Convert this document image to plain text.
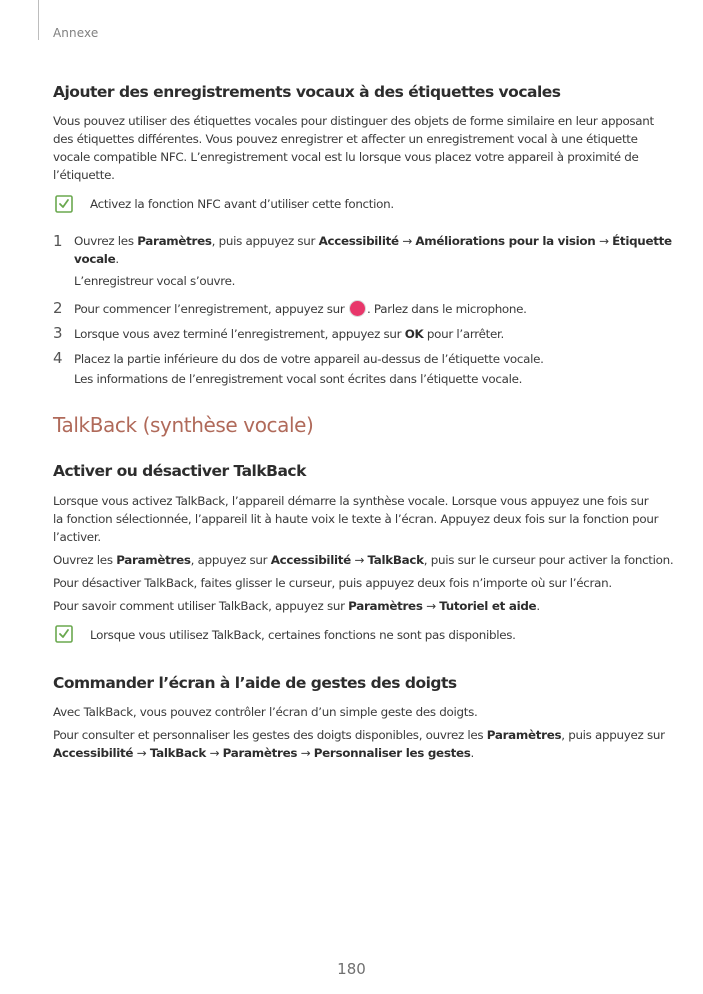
Annexe
Ajouter des enregistrements vocaux à des étiquettes vocales
Vous pouvez utiliser des étiquettes vocales pour distinguer des objets de forme similaire en leur apposant
des étiquettes différentes. Vous pouvez enregistrer et affecter un enregistrement vocal à une étiquette
vocale compatible NFC. L’enregistrement vocal est lu lorsque vous placez votre appareil à proximité de
l’étiquette.
Activez la fonction NFC avant d’utiliser cette fonction.
1 Ouvrez les Paramètres, puis appuyez sur Accessibilité → Améliorations pour la vision → Étiquette
vocale.
L’enregistreur vocal s’ouvre.
2 Pour commencer l’enregistrement, appuyez sur . Parlez dans le microphone.
3 Lorsque vous avez terminé l’enregistrement, appuyez sur OK pour l’arrêter.
4 Placez la partie inférieure du dos de votre appareil au-dessus de l’étiquette vocale.
Les informations de l’enregistrement vocal sont écrites dans l’étiquette vocale.
TalkBack (synthèse vocale)
Activer ou désactiver TalkBack
Lorsque vous activez TalkBack, l’appareil démarre la synthèse vocale. Lorsque vous appuyez une fois sur
la fonction sélectionnée, l’appareil lit à haute voix le texte à l’écran. Appuyez deux fois sur la fonction pour
l’activer.
Ouvrez les Paramètres, appuyez sur Accessibilité → TalkBack, puis sur le curseur pour activer la fonction.
Pour désactiver TalkBack, faites glisser le curseur, puis appuyez deux fois n’importe où sur l’écran.
Pour savoir comment utiliser TalkBack, appuyez sur Paramètres → Tutoriel et aide.
Lorsque vous utilisez TalkBack, certaines fonctions ne sont pas disponibles.
Commander l’écran à l’aide de gestes des doigts
Avec TalkBack, vous pouvez contrôler l’écran d’un simple geste des doigts.
Pour consulter et personnaliser les gestes des doigts disponibles, ouvrez les Paramètres, puis appuyez sur
Accessibilité → TalkBack → Paramètres → Personnaliser les gestes.
180
